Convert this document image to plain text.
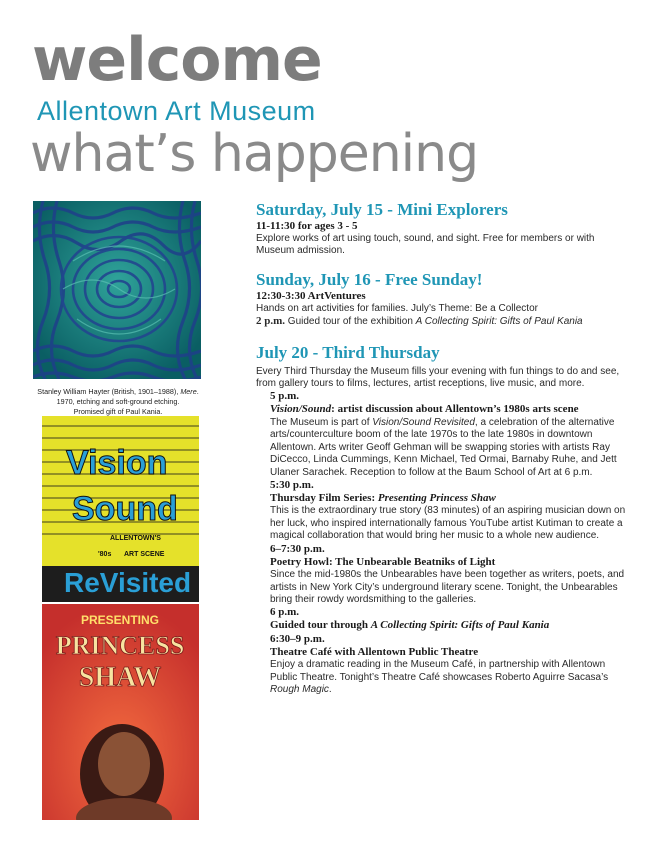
welcome
Allentown Art Museum
what’s happening
Stanley William Hayter (British, 1901–1988), Mere.
1970, etching and soft-ground etching.
Promised gift of Paul Kania.
Vision
Sound
ALLENTOWN'S
'80s ART SCENE
ReVisited
PRESENTING
PRINCESS
SHAW

Saturday, July 15 - Mini Explorers

11-11:30 for ages 3 - 5

Explore works of art using touch, sound, and sight. Free for members or with Museum admission.

Sunday, July 16 - Free Sunday!

12:30-3:30 ArtVentures

Hands on art activities for families. July’s Theme: Be a Collector

2 p.m. Guided tour of the exhibition A Collecting Spirit: Gifts of Paul Kania

July 20 - Third Thursday

Every Third Thursday the Museum fills your evening with fun things to do and see, from gallery tours to films, lectures, artist receptions, live music, and more.

5 p.m.

Vision/Sound: artist discussion about Allentown’s 1980s arts scene

The Museum is part of Vision/Sound Revisited, a celebration of the alternative arts/counterculture boom of the late 1970s to the late 1980s in downtown Allentown. Arts writer Geoff Gehman will be swapping stories with artists Ray DiCecco, Linda Cummings, Kenn Michael, Ted Ormai, Barnaby Ruhe, and Jett Ulaner Sarachek. Reception to follow at the Baum School of Art at 6 p.m.

5:30 p.m.

Thursday Film Series: Presenting Princess Shaw

This is the extraordinary true story (83 minutes) of an aspiring musician down on her luck, who inspired internationally famous YouTube artist Kutiman to create a magical collaboration that would bring her music to a whole new audience.

6–7:30 p.m.

Poetry Howl: The Unbearable Beatniks of Light

Since the mid-1980s the Unbearables have been together as writers, poets, and artists in New York City’s underground literary scene. Tonight, the Unbearables bring their rowdy wordsmithing to the galleries.

6 p.m.

Guided tour through A Collecting Spirit: Gifts of Paul Kania

6:30–9 p.m.

Theatre Café with Allentown Public Theatre

Enjoy a dramatic reading in the Museum Café, in partnership with Allentown Public Theatre. Tonight’s Theatre Café showcases Roberto Aguirre Sacasa’s Rough Magic.
